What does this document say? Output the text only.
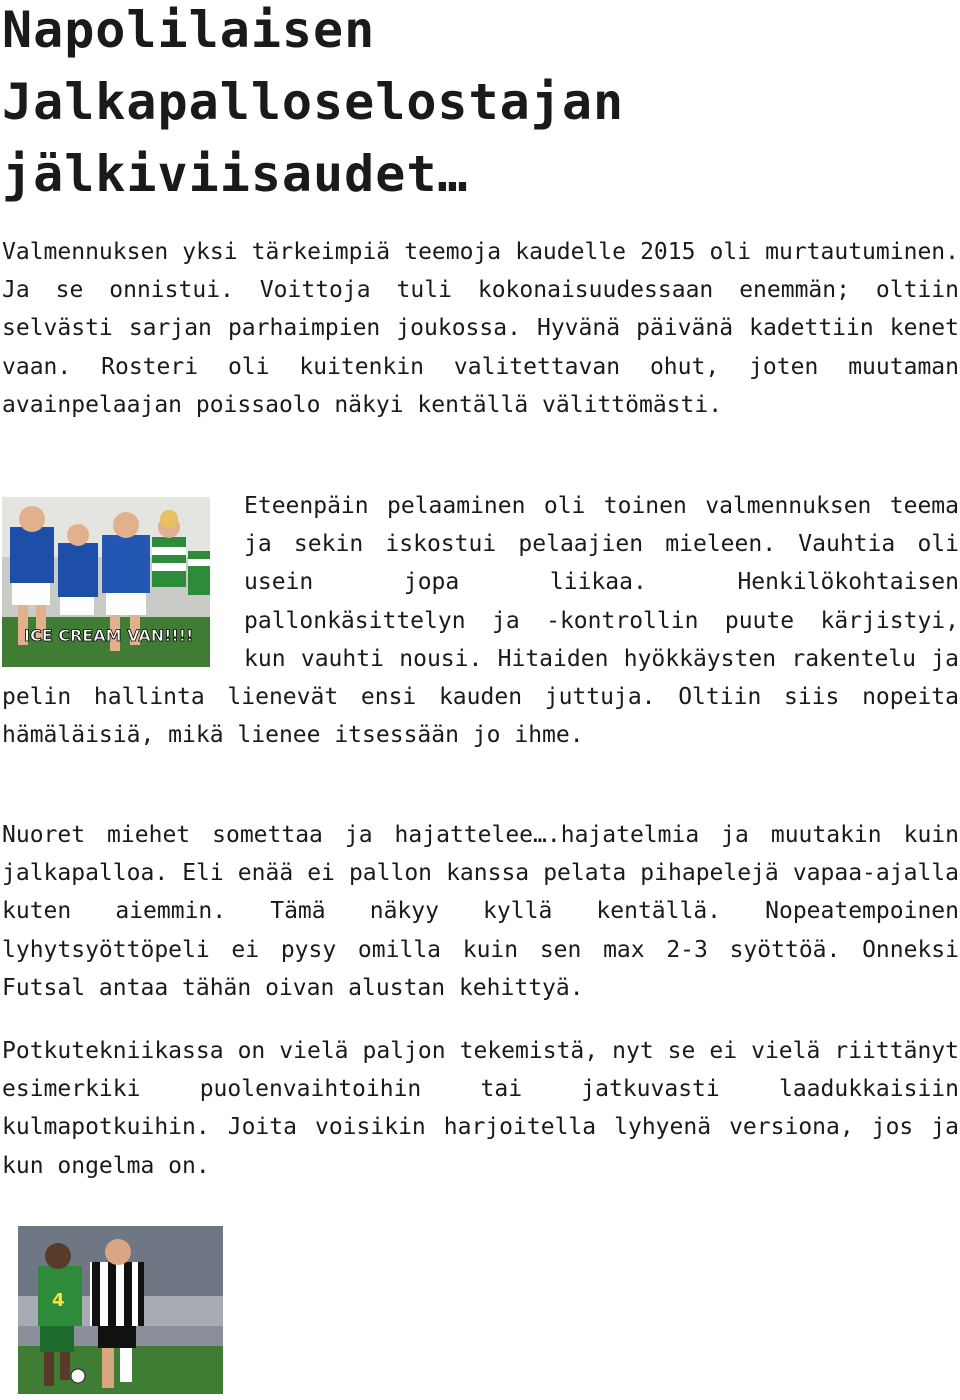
Napolilaisen Jalkapalloselostajan jälkiviisaudet…

Valmennuksen yksi tärkeimpiä teemoja kaudelle 2015 oli murtautuminen. Ja se onnistui. Voittoja tuli kokonaisuudessaan enemmän; oltiin selvästi sarjan parhaimpien joukossa. Hyvänä päivänä kadettiin kenet vaan. Rosteri oli kuitenkin valitettavan ohut, joten muutaman avainpelaajan poissaolo näkyi kentällä välittömästi.

ICE CREAM VAN!!!!
Eteenpäin pelaaminen oli toinen valmennuksen teema ja sekin iskostui pelaajien mieleen. Vauhtia oli usein jopa liikaa. Henkilökohtaisen pallonkäsittelyn ja -kontrollin puute kärjistyi, kun vauhti nousi. Hitaiden hyökkäysten rakentelu ja pelin hallinta lienevät ensi kauden juttuja. Oltiin siis nopeita hämäläisiä, mikä lienee itsessään jo ihme.

Nuoret miehet somettaa ja hajattelee….hajatelmia ja muutakin kuin jalkapalloa. Eli enää ei pallon kanssa pelata pihapelejä vapaa-ajalla kuten aiemmin. Tämä näkyy kyllä kentällä. Nopeatempoinen lyhytsyöttöpeli ei pysy omilla kuin sen max 2-3 syöttöä. Onneksi Futsal antaa tähän oivan alustan kehittyä.

Potkutekniikassa on vielä paljon tekemistä, nyt se ei vielä riittänyt esimerkiki puolenvaihtoihin tai jatkuvasti laadukkaisiin kulmapotkuihin. Joita voisikin harjoitella lyhyenä versiona, jos ja kun ongelma on.

4
